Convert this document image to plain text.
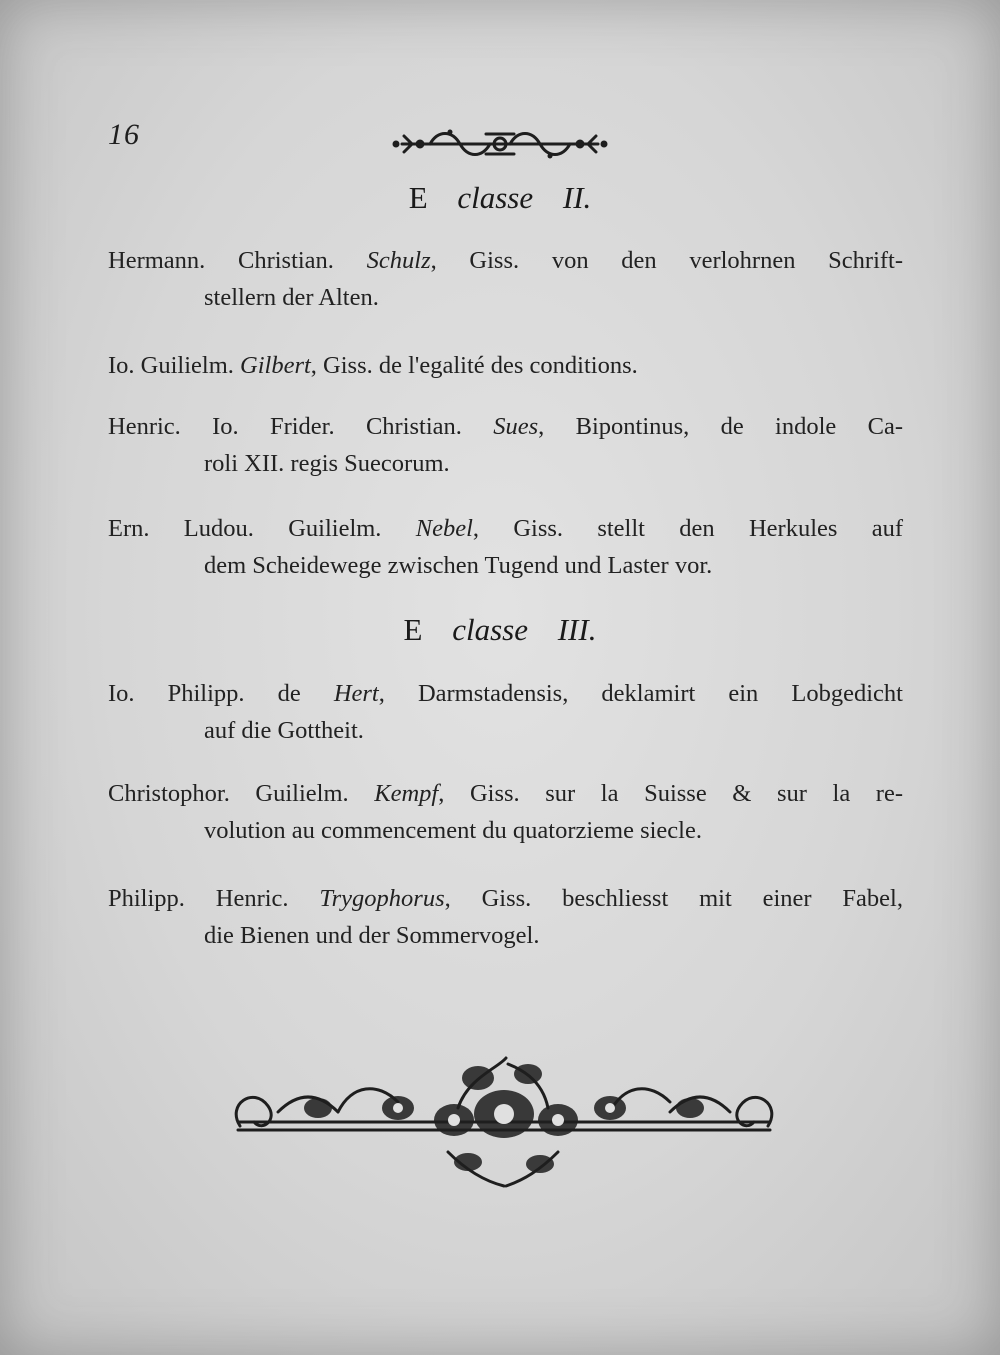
16
E classe II.
Hermann. Christian. Schulz, Giss. von den verlohrnen Schrift-
stellern der Alten.
Io. Guilielm. Gilbert, Giss. de l'egalité des conditions.
Henric. Io. Frider. Christian. Sues, Bipontinus, de indole Ca-
roli XII. regis Suecorum.
Ern. Ludou. Guilielm. Nebel, Giss. stellt den Herkules auf
dem Scheidewege zwischen Tugend und Laster vor.
E classe III.
Io. Philipp. de Hert, Darmstadensis, deklamirt ein Lobgedicht
auf die Gottheit.
Christophor. Guilielm. Kempf, Giss. sur la Suisse & sur la re-
volution au commencement du quatorzieme siecle.
Philipp. Henric. Trygophorus, Giss. beschliesst mit einer Fabel,
die Bienen und der Sommervogel.
